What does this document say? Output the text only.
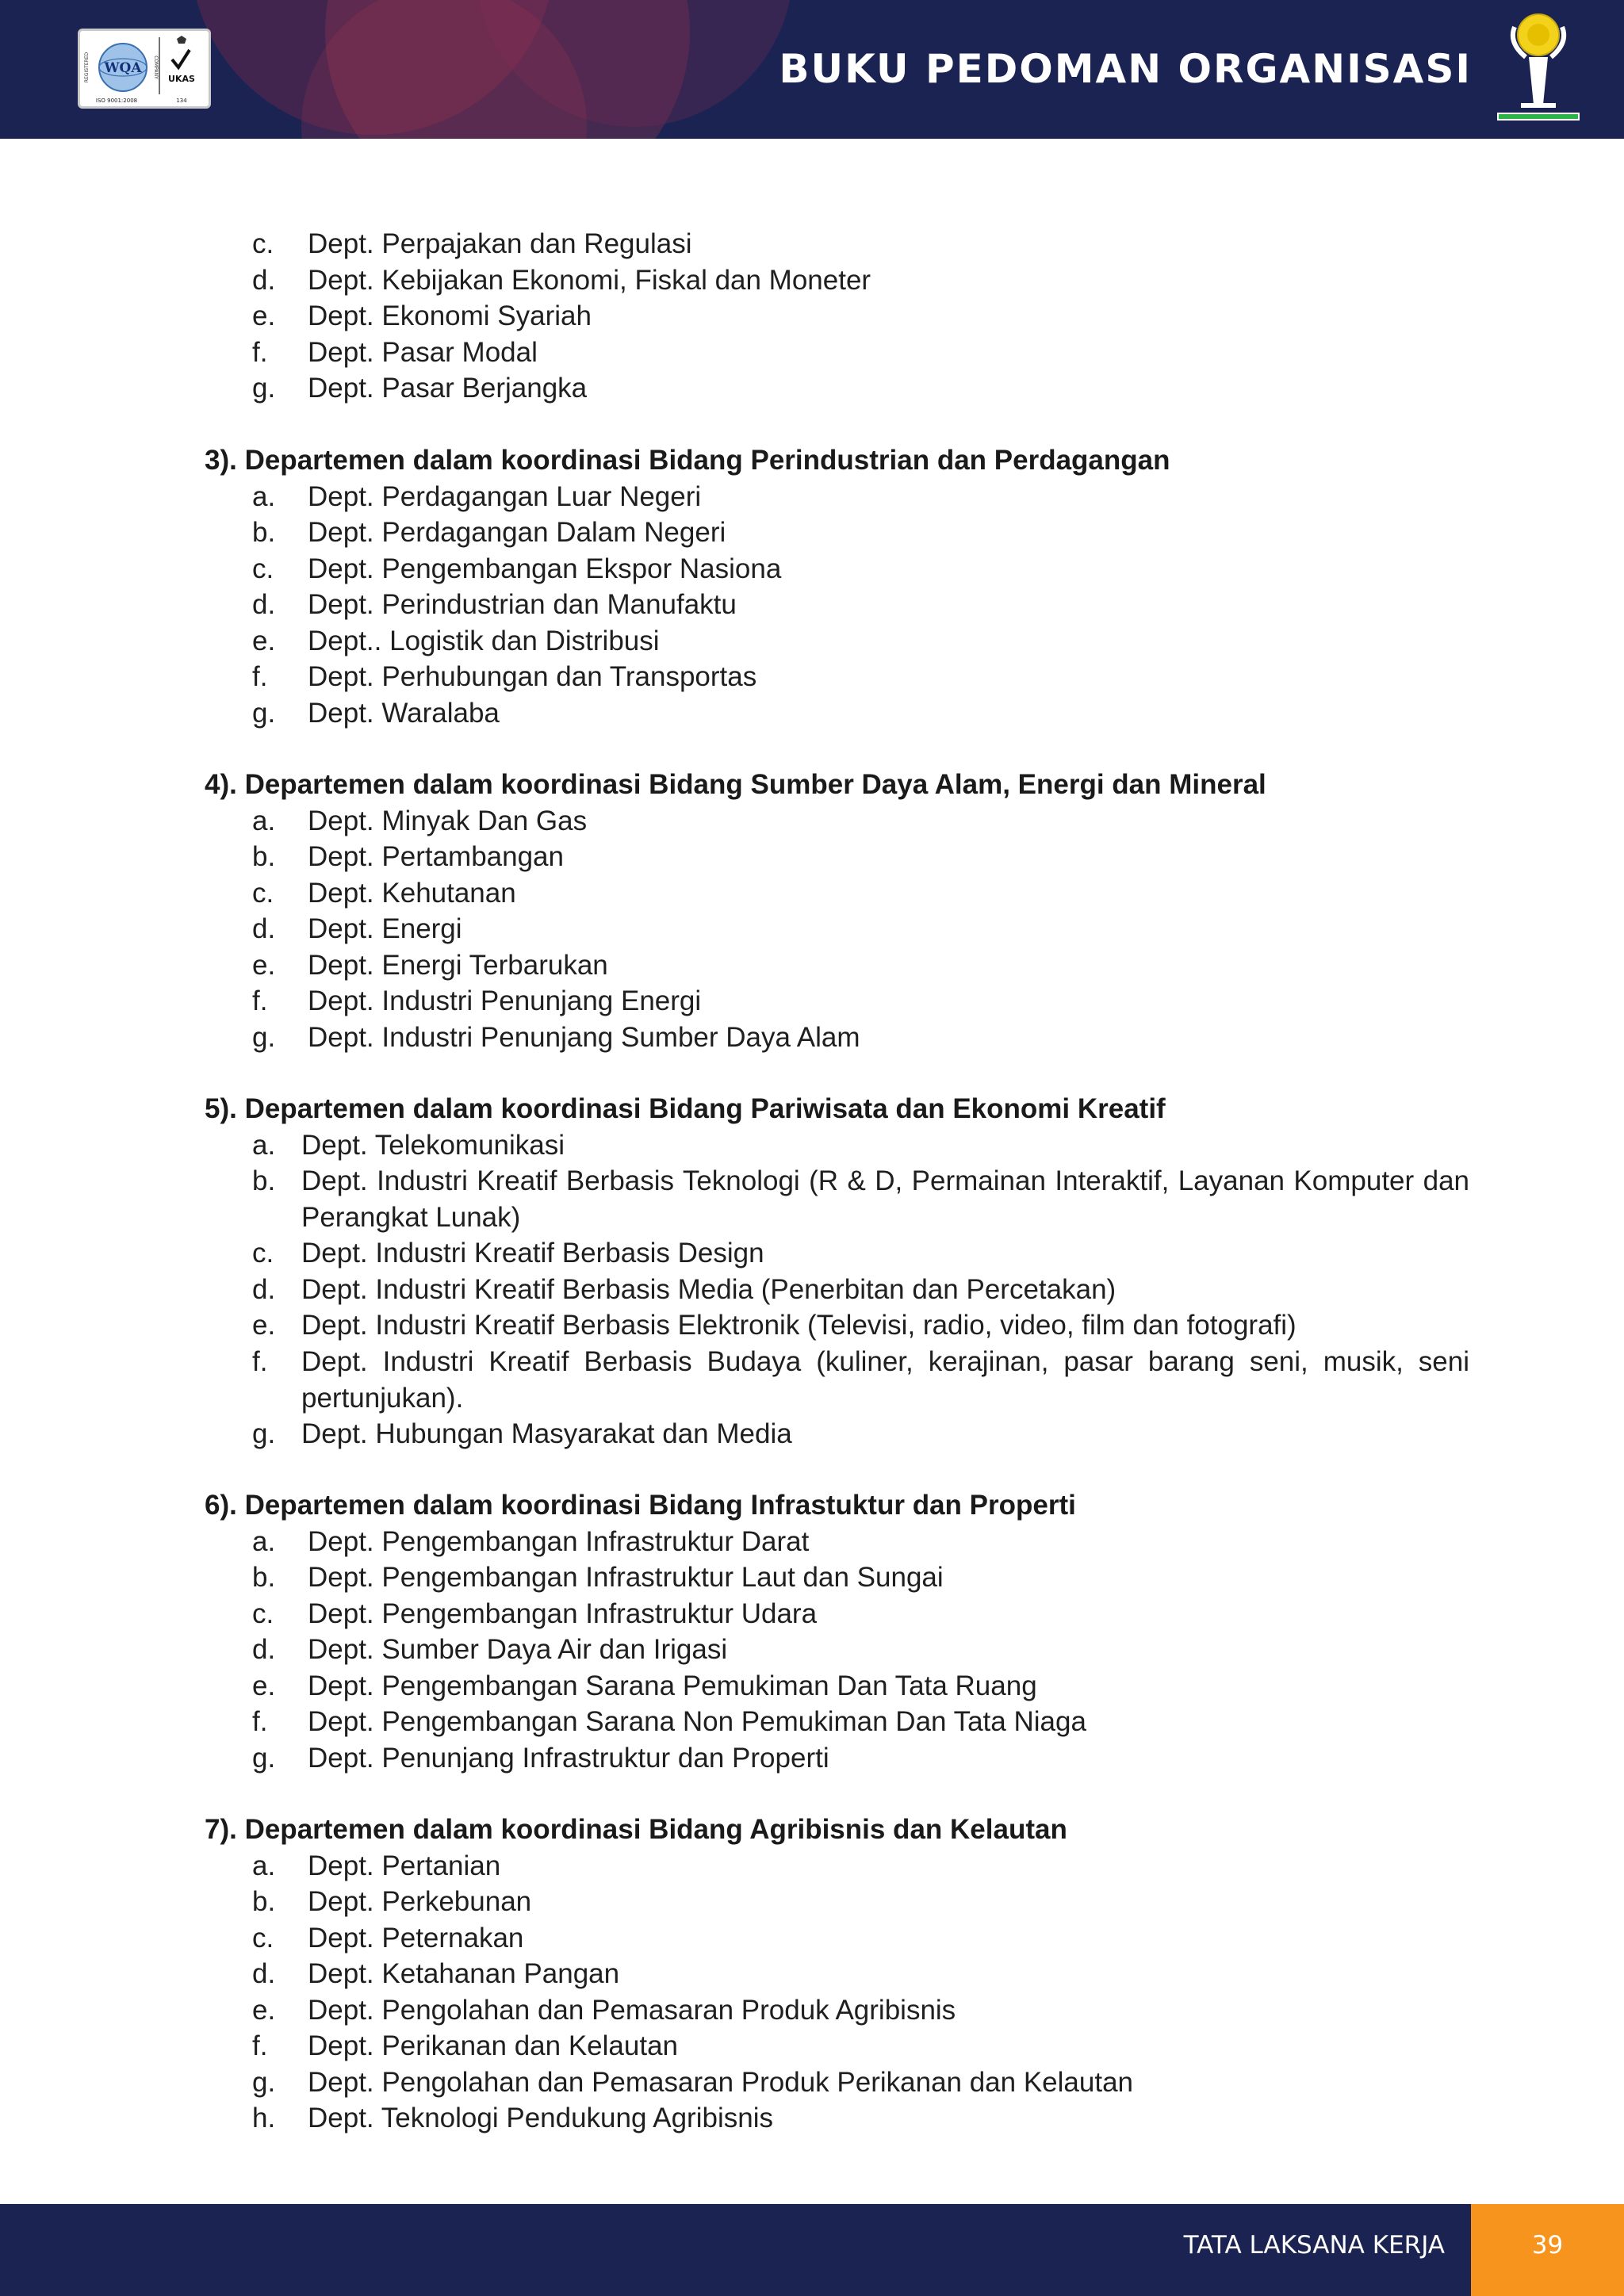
WQA
REGISTERED	COMPANY UKAS
ISO 9001:2008	134
BUKU PEDOMAN ORGANISASI
c. Dept. Perpajakan dan Regulasi
d. Dept. Kebijakan Ekonomi, Fiskal dan Moneter
e. Dept. Ekonomi Syariah
f. Dept. Pasar Modal
g. Dept. Pasar Berjangka
3). Departemen dalam koordinasi Bidang Perindustrian dan Perdagangan
a. Dept. Perdagangan Luar Negeri
b. Dept. Perdagangan Dalam Negeri
c. Dept. Pengembangan Ekspor Nasiona
d. Dept. Perindustrian dan Manufaktu
e. Dept.. Logistik dan Distribusi
f. Dept. Perhubungan dan Transportas
g. Dept. Waralaba
4). Departemen dalam koordinasi Bidang Sumber Daya Alam, Energi dan Mineral
a. Dept. Minyak Dan Gas
b. Dept. Pertambangan
c. Dept. Kehutanan
d. Dept. Energi
e. Dept. Energi Terbarukan
f. Dept. Industri Penunjang Energi
g. Dept. Industri Penunjang Sumber Daya Alam
5). Departemen dalam koordinasi Bidang Pariwisata dan Ekonomi Kreatif
a. Dept. Telekomunikasi
b. Dept. Industri Kreatif Berbasis Teknologi (R & D, Permainan Interaktif, Layanan Komputer dan Perangkat Lunak)
c. Dept. Industri Kreatif Berbasis Design
d. Dept. Industri Kreatif Berbasis Media (Penerbitan dan Percetakan)
e. Dept. Industri Kreatif Berbasis Elektronik (Televisi, radio, video, film dan fotografi)
f. Dept. Industri Kreatif Berbasis Budaya (kuliner, kerajinan, pasar barang seni, musik, seni pertunjukan).
g. Dept. Hubungan Masyarakat dan Media
6). Departemen dalam koordinasi Bidang Infrastuktur dan Properti
a. Dept. Pengembangan Infrastruktur Darat
b. Dept. Pengembangan Infrastruktur Laut dan Sungai
c. Dept. Pengembangan Infrastruktur Udara
d. Dept. Sumber Daya Air dan Irigasi
e. Dept. Pengembangan Sarana Pemukiman Dan Tata Ruang
f. Dept. Pengembangan Sarana Non Pemukiman Dan Tata Niaga
g. Dept. Penunjang Infrastruktur dan Properti
7). Departemen dalam koordinasi Bidang Agribisnis dan Kelautan
a. Dept. Pertanian
b. Dept. Perkebunan
c. Dept. Peternakan
d. Dept. Ketahanan Pangan
e. Dept. Pengolahan dan Pemasaran Produk Agribisnis
f. Dept. Perikanan dan Kelautan
g. Dept. Pengolahan dan Pemasaran Produk Perikanan dan Kelautan
h. Dept. Teknologi Pendukung Agribisnis
TATA LAKSANA KERJA	39
